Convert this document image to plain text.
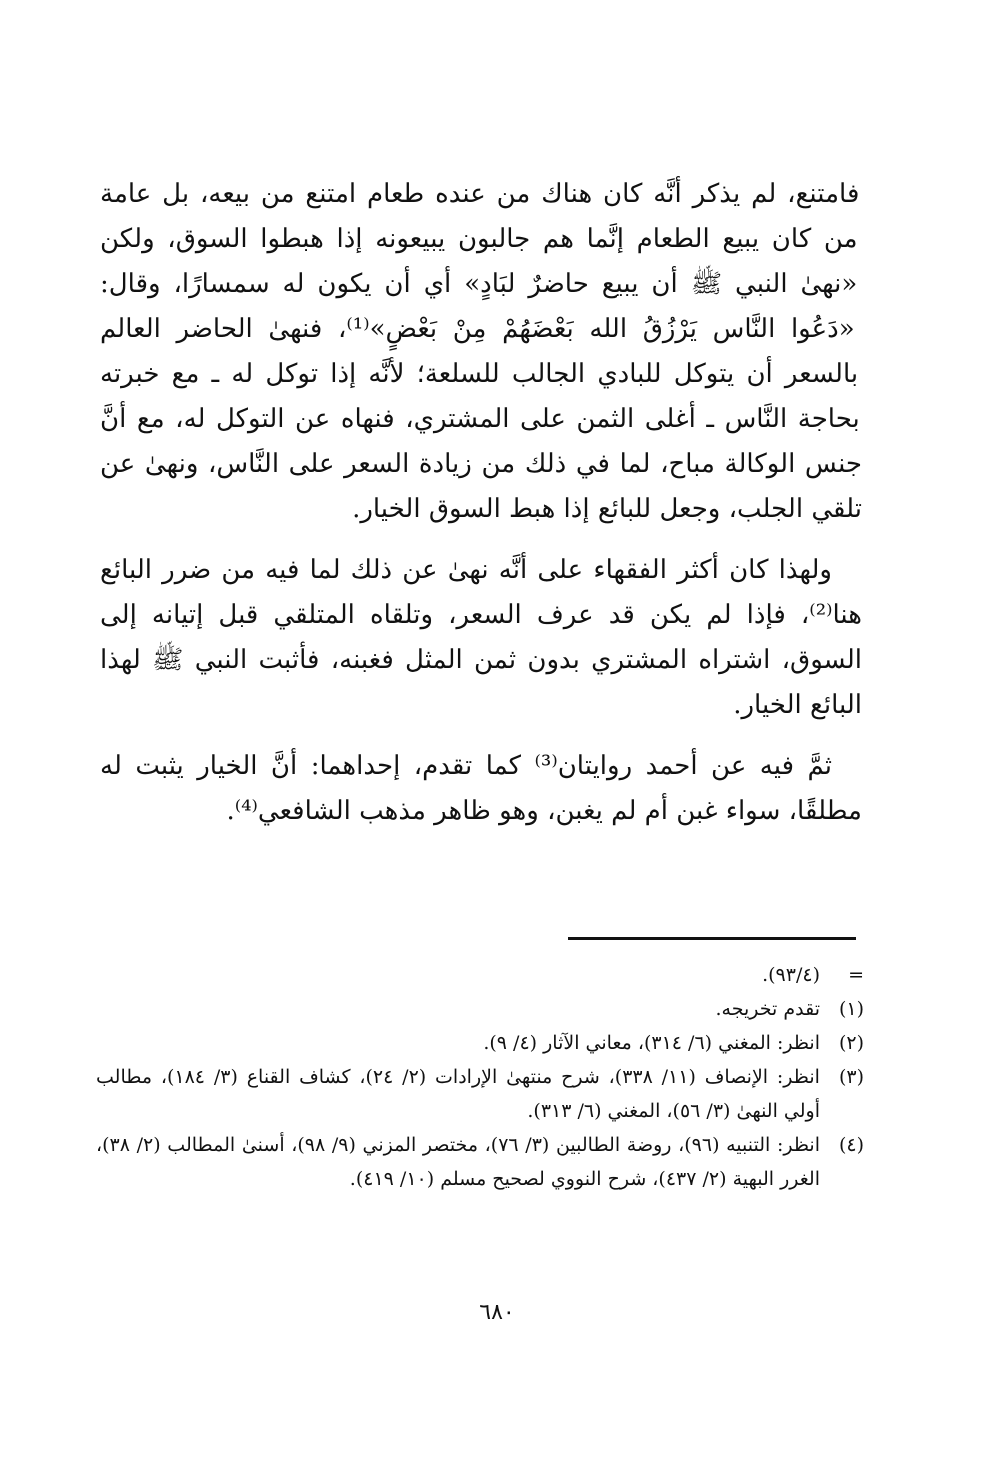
فامتنع، لم يذكر أنَّه كان هناك من عنده طعام امتنع من بيعه، بل عامة من كان يبيع الطعام إنَّما هم جالبون يبيعونه إذا هبطوا السوق، ولكن «نهىٰ النبي ﷺ أن يبيع حاضرٌ لبَادٍ» أي أن يكون له سمسارًا، وقال: «دَعُوا النَّاس يَرْزُقُ الله بَعْضَهُمْ مِنْ بَعْضٍ»⁽¹⁾، فنهىٰ الحاضر العالم بالسعر أن يتوكل للبادي الجالب للسلعة؛ لأنَّه إذا توكل له ـ مع خبرته بحاجة النَّاس ـ أغلى الثمن على المشتري، فنهاه عن التوكل له، مع أنَّ جنس الوكالة مباح، لما في ذلك من زيادة السعر على النَّاس، ونهىٰ عن تلقي الجلب، وجعل للبائع إذا هبط السوق الخيار.

ولهذا كان أكثر الفقهاء على أنَّه نهىٰ عن ذلك لما فيه من ضرر البائع هنا⁽²⁾، فإذا لم يكن قد عرف السعر، وتلقاه المتلقي قبل إتيانه إلى السوق، اشتراه المشتري بدون ثمن المثل فغبنه، فأثبت النبي ﷺ لهذا البائع الخيار.

ثمَّ فيه عن أحمد روايتان⁽³⁾ كما تقدم، إحداهما: أنَّ الخيار يثبت له مطلقًا، سواء غبن أم لم يغبن، وهو ظاهر مذهب الشافعي⁽⁴⁾.

=
(٩٣/٤).
(١)
تقدم تخريجه.
(٢)
انظر: المغني (٦/ ٣١٤)، معاني الآثار (٤/ ٩).
(٣)
انظر: الإنصاف (١١/ ٣٣٨)، شرح منتهىٰ الإرادات (٢/ ٢٤)، كشاف القناع (٣/ ١٨٤)، مطالب أولي النهىٰ (٣/ ٥٦)، المغني (٦/ ٣١٣).
(٤)
انظر: التنبيه (٩٦)، روضة الطالبين (٣/ ٧٦)، مختصر المزني (٩/ ٩٨)، أسنىٰ المطالب (٢/ ٣٨)، الغرر البهية (٢/ ٤٣٧)، شرح النووي لصحيح مسلم (١٠/ ٤١٩).
٦٨٠
